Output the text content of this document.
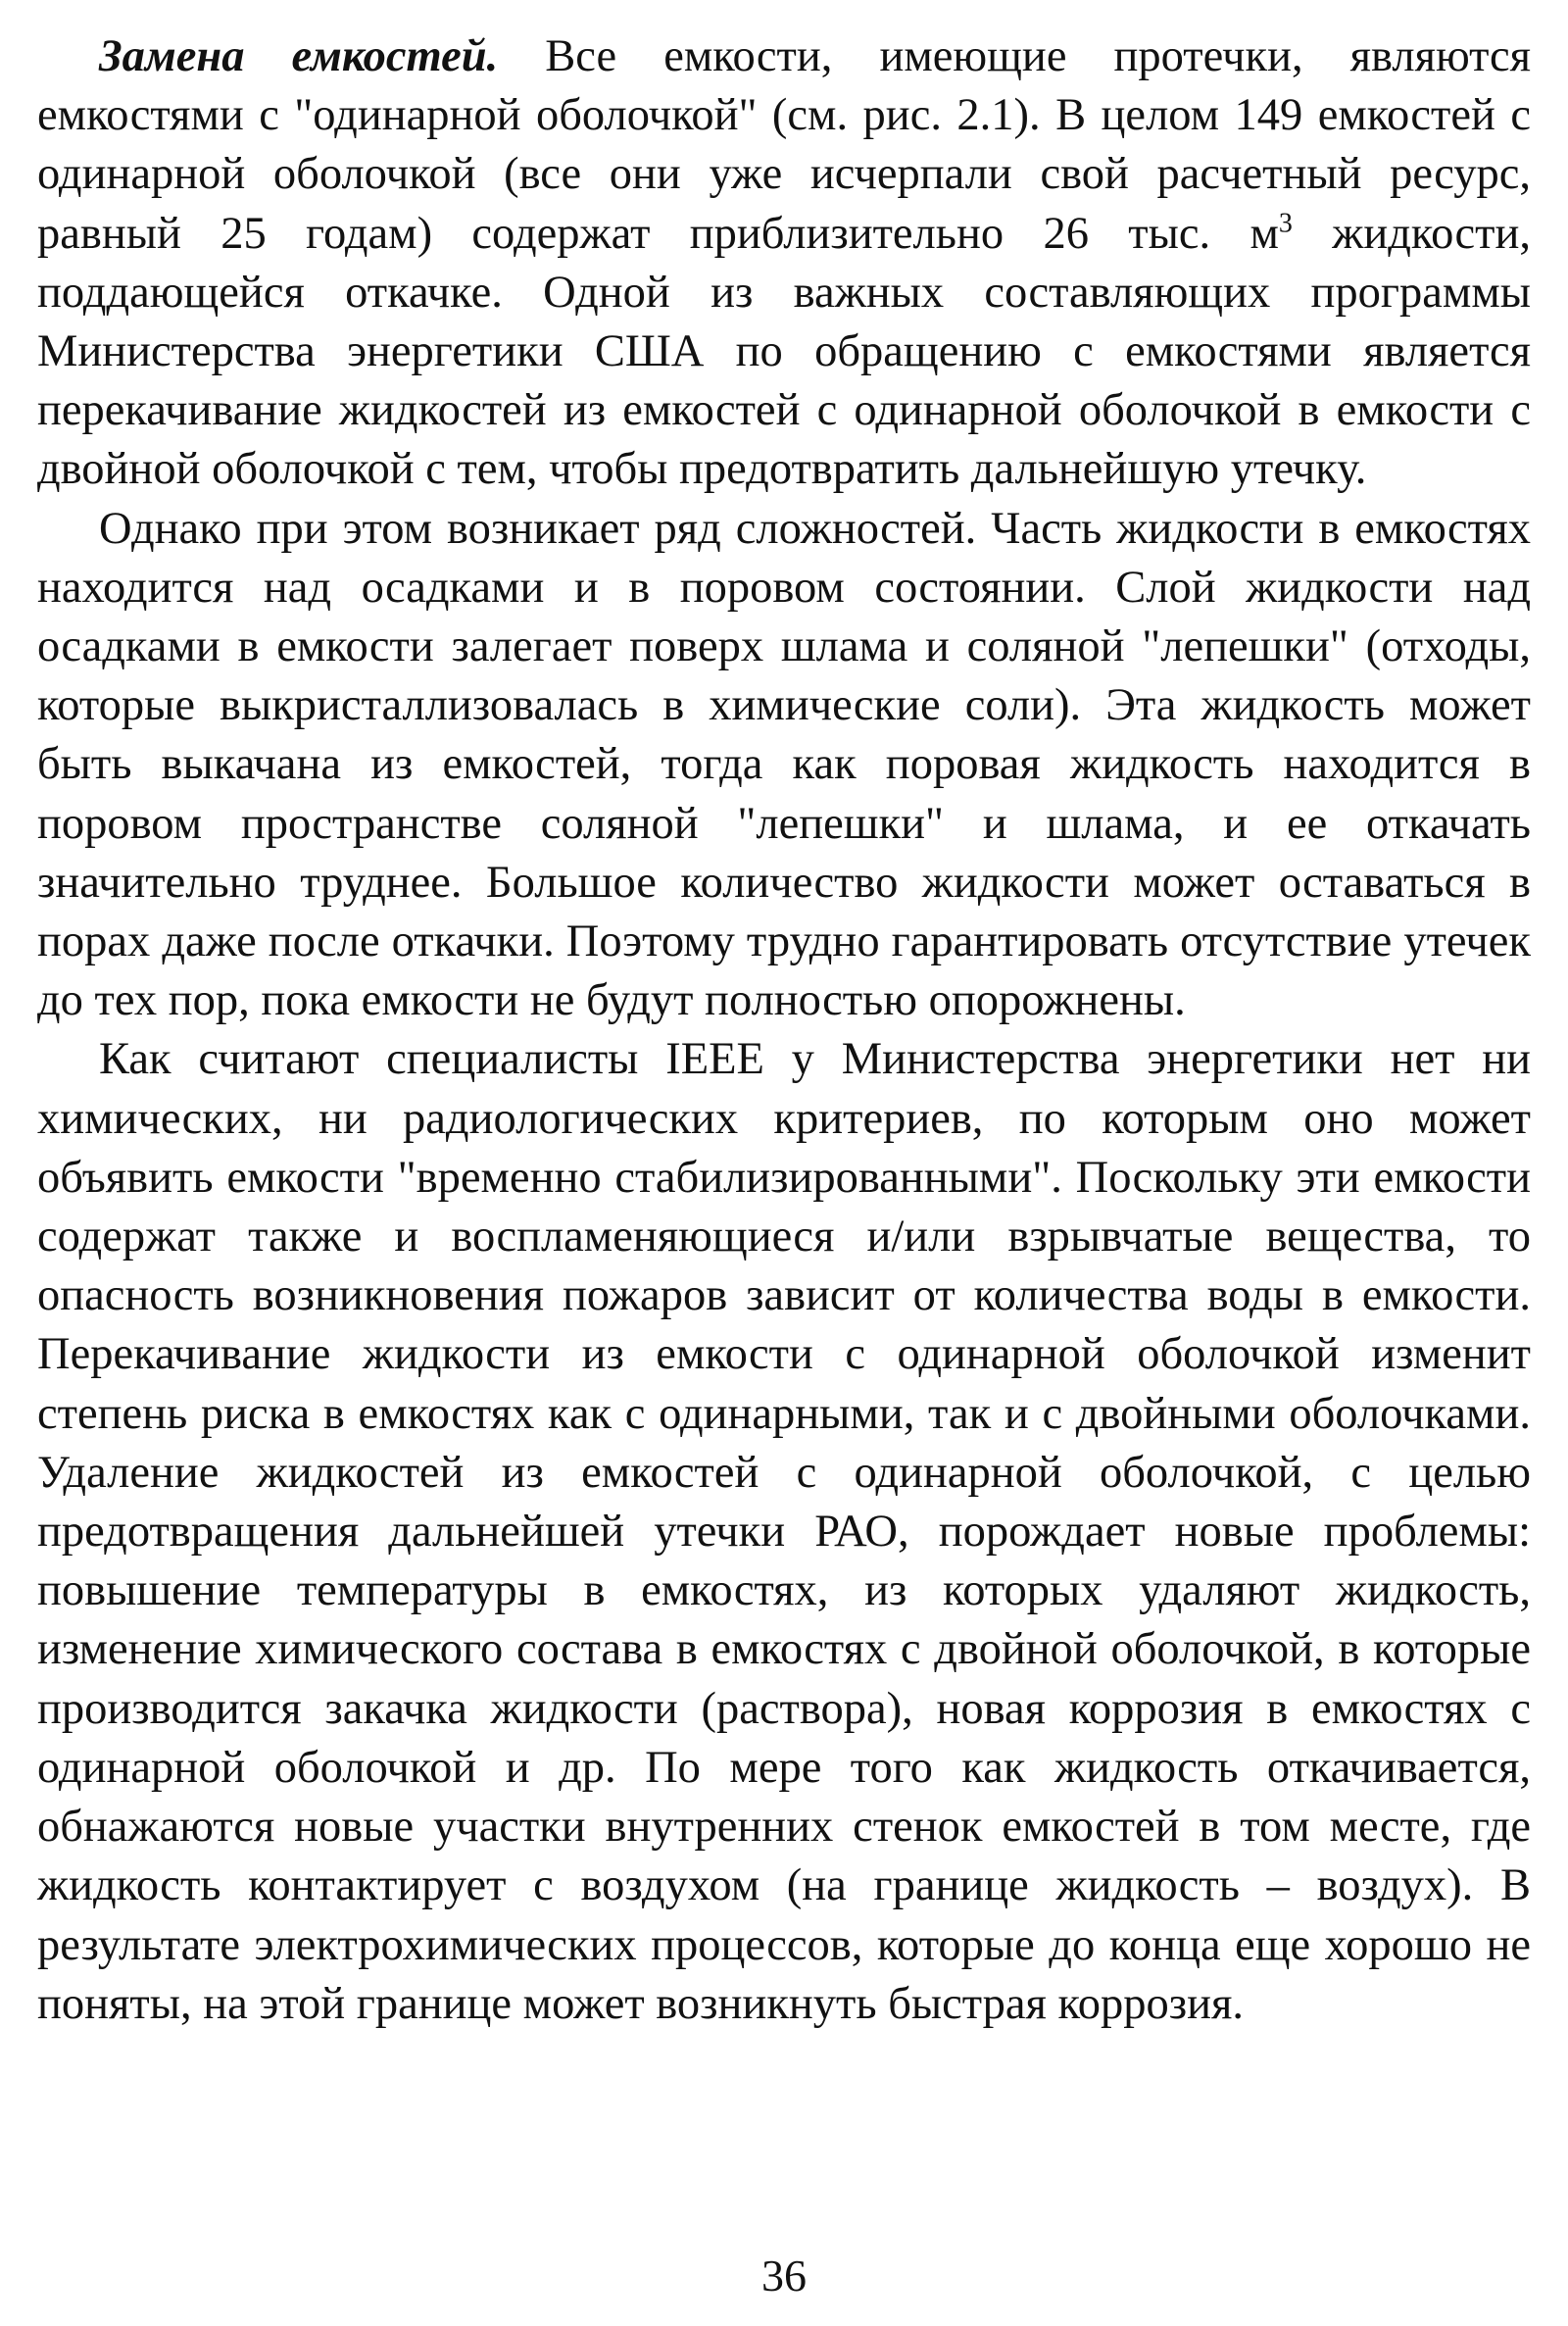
Замена емкостей. Все емкости, имеющие протечки, являются емкостями с "одинарной оболочкой" (см. рис. 2.1). В целом 149 емкостей с одинарной оболочкой (все они уже исчерпали свой расчетный ресурс, равный 25 годам) содержат приблизительно 26 тыс. $м^3$ жидкости, поддающейся откачке. Одной из важных составляющих программы Министерства энергетики США по обращению с емкостями является перекачивание жидкостей из емкостей с одинарной оболочкой в емкости с двойной оболочкой с тем, чтобы предотвратить дальнейшую утечку.

Однако при этом возникает ряд сложностей. Часть жидкости в емкостях находится над осадками и в поровом состоянии. Слой жидкости над осадками в емкости залегает поверх шлама и соляной "лепешки" (отходы, которые выкристаллизовалась в химические соли). Эта жидкость может быть выкачана из емкостей, тогда как поровая жидкость находится в поровом пространстве соляной "лепешки" и шлама, и ее откачать значительно труднее. Большое количество жидкости может оставаться в порах даже после откачки. Поэтому трудно гарантировать отсутствие утечек до тех пор, пока емкости не будут полностью опорожнены.

Как считают специалисты IEEE у Министерства энергетики нет ни химических, ни радиологических критериев, по которым оно может объявить емкости "временно стабилизированными". Поскольку эти емкости содержат также и воспламеняющиеся и/или взрывчатые вещества, то опасность возникновения пожаров зависит от количества воды в емкости. Перекачивание жидкости из емкости с одинарной оболочкой изменит степень риска в емкостях как с одинарными, так и с двойными оболочками. Удаление жидкостей из емкостей с одинарной оболочкой, с целью предотвращения дальнейшей утечки РАО, порождает новые проблемы: повышение температуры в емкостях, из которых удаляют жидкость, изменение химического состава в емкостях с двойной оболочкой, в которые производится закачка жидкости (раствора), новая коррозия в емкостях с одинарной оболочкой и др. По мере того как жидкость откачивается, обнажаются новые участки внутренних стенок емкостей в том месте, где жидкость контактирует с воздухом (на границе жидкость – воздух). В результате электрохимических процессов, которые до конца еще хорошо не поняты, на этой границе может возникнуть быстрая коррозия.

36
